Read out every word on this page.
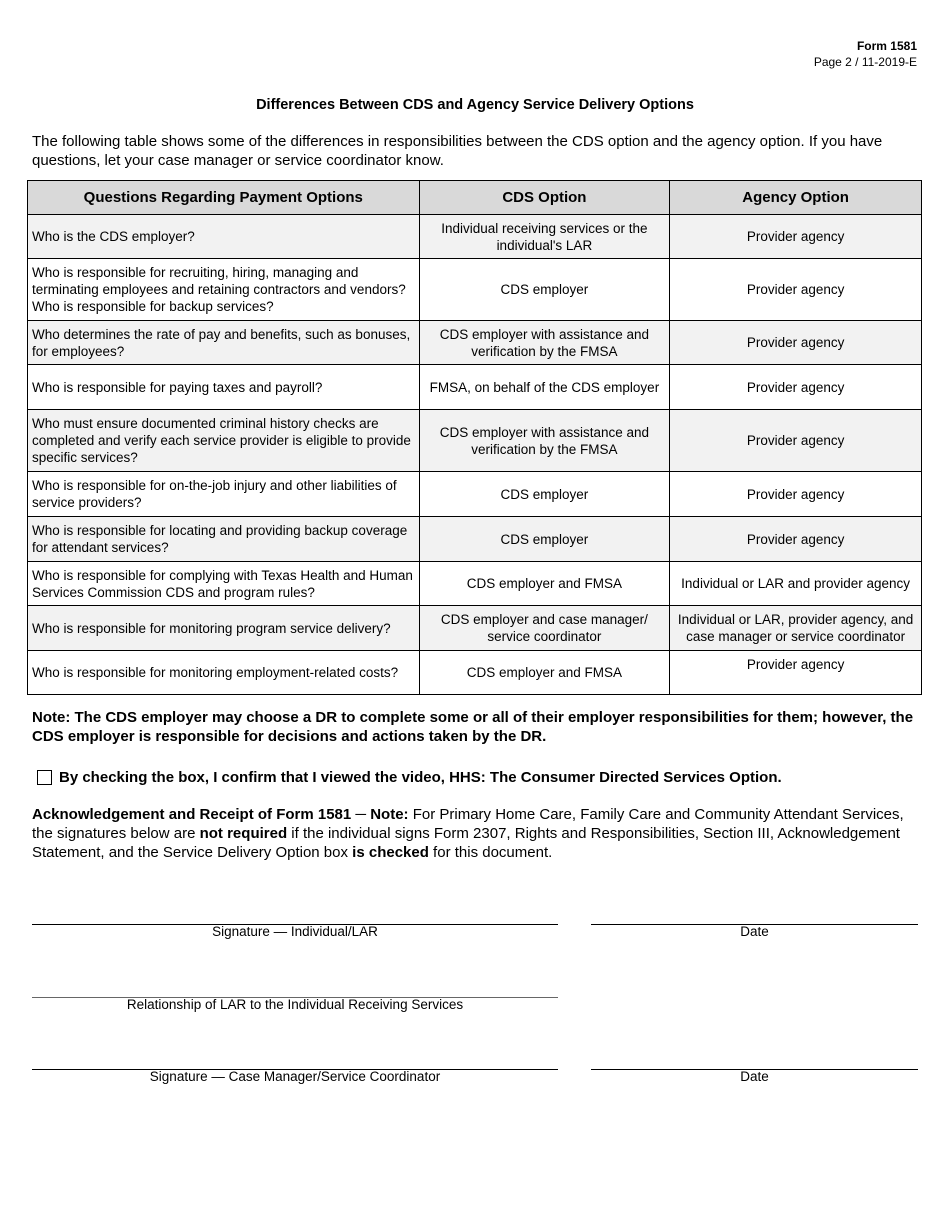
Form 1581
Page 2 / 11-2019-E
Differences Between CDS and Agency Service Delivery Options
The following table shows some of the differences in responsibilities between the CDS option and the agency option. If you have questions, let your case manager or service coordinator know.
Questions Regarding Payment Options	CDS Option	Agency Option
Who is the CDS employer?	Individual receiving services or the individual's LAR	Provider agency
Who is responsible for recruiting, hiring, managing and terminating employees and retaining contractors and vendors? Who is responsible for backup services?	CDS employer	Provider agency
Who determines the rate of pay and benefits, such as bonuses, for employees?	CDS employer with assistance and verification by the FMSA	Provider agency
Who is responsible for paying taxes and payroll?	FMSA, on behalf of the CDS employer	Provider agency
Who must ensure documented criminal history checks are completed and verify each service provider is eligible to provide specific services?	CDS employer with assistance and verification by the FMSA	Provider agency
Who is responsible for on-the-job injury and other liabilities of service providers?	CDS employer	Provider agency
Who is responsible for locating and providing backup coverage for attendant services?	CDS employer	Provider agency
Who is responsible for complying with Texas Health and Human Services Commission CDS and program rules?	CDS employer and FMSA	Individual or LAR and provider agency
Who is responsible for monitoring program service delivery?	CDS employer and case manager/ service coordinator	Individual or LAR, provider agency, and case manager or service coordinator
Who is responsible for monitoring employment-related costs?	CDS employer and FMSA	Provider agency
Note: The CDS employer may choose a DR to complete some or all of their employer responsibilities for them; however, the CDS employer is responsible for decisions and actions taken by the DR.
By checking the box, I confirm that I viewed the video, HHS: The Consumer Directed Services Option.
Acknowledgement and Receipt of Form 1581 ─ Note: For Primary Home Care, Family Care and Community Attendant Services, the signatures below are not required if the individual signs Form 2307, Rights and Responsibilities, Section III, Acknowledgement Statement, and the Service Delivery Option box is checked for this document.
Signature — Individual/LAR	Date
Relationship of LAR to the Individual Receiving Services
Signature — Case Manager/Service Coordinator	Date
